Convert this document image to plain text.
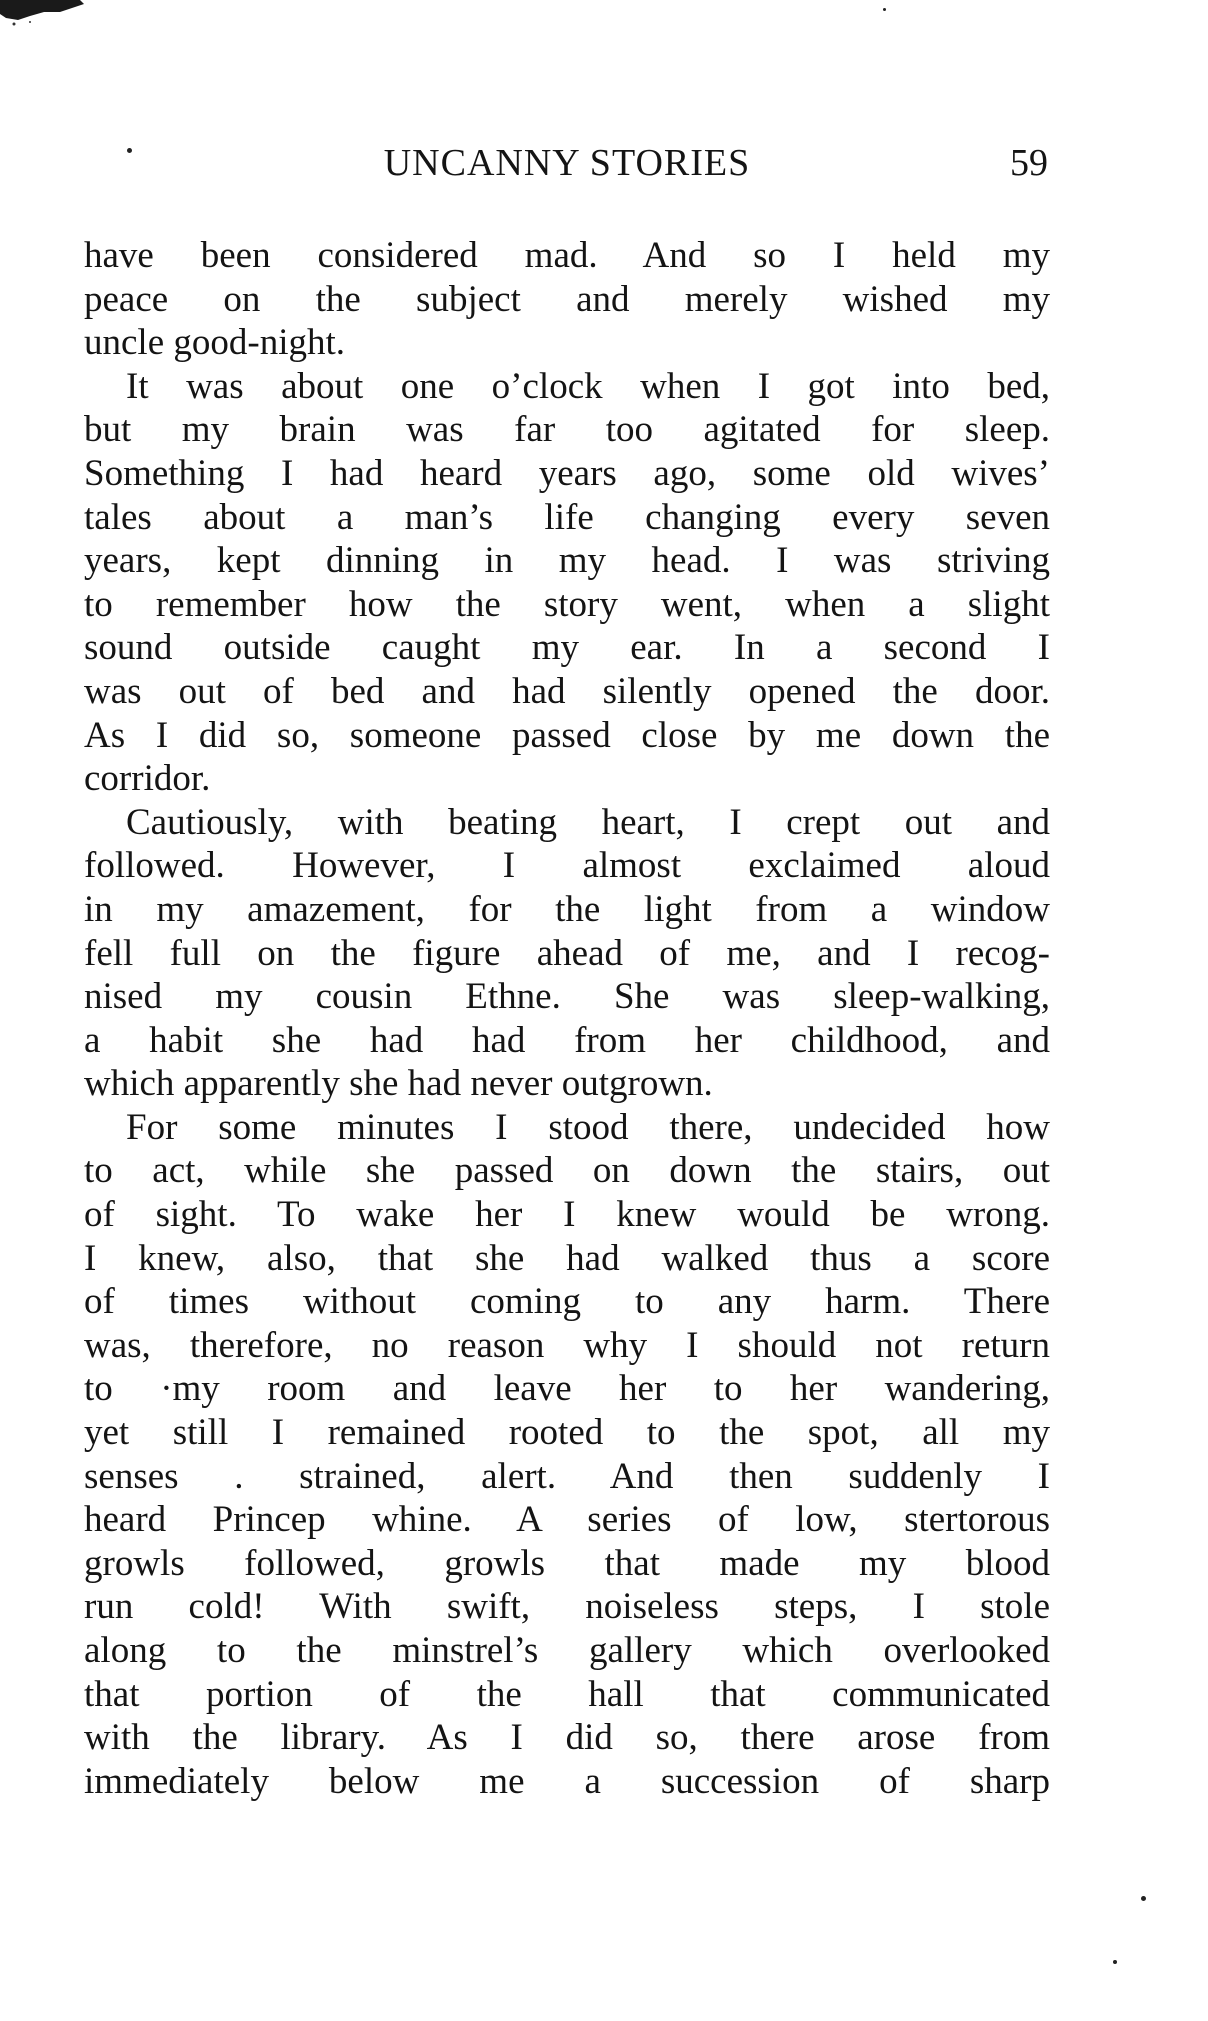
UNCANNY STORIES	59
have been considered mad. And so I held my
peace on the subject and merely wished my
uncle good-night.
It was about one o’clock when I got into bed,
but my brain was far too agitated for sleep.
Something I had heard years ago, some old wives’
tales about a man’s life changing every seven
years, kept dinning in my head. I was striving
to remember how the story went, when a slight
sound outside caught my ear. In a second I
was out of bed and had silently opened the door.
As I did so, someone passed close by me down the
corridor.
Cautiously, with beating heart, I crept out and
followed. However, I almost exclaimed aloud
in my amazement, for the light from a window
fell full on the figure ahead of me, and I recog-
nised my cousin Ethne. She was sleep-walking,
a habit she had had from her childhood, and
which apparently she had never outgrown.
For some minutes I stood there, undecided how
to act, while she passed on down the stairs, out
of sight. To wake her I knew would be wrong.
I knew, also, that she had walked thus a score
of times without coming to any harm. There
was, therefore, no reason why I should not return
to ·my room and leave her to her wandering,
yet still I remained rooted to the spot, all my
senses . strained, alert. And then suddenly I
heard Princep whine. A series of low, stertorous
growls followed, growls that made my blood
run cold! With swift, noiseless steps, I stole
along to the minstrel’s gallery which overlooked
that portion of the hall that communicated
with the library. As I did so, there arose from
immediately below me a succession of sharp
